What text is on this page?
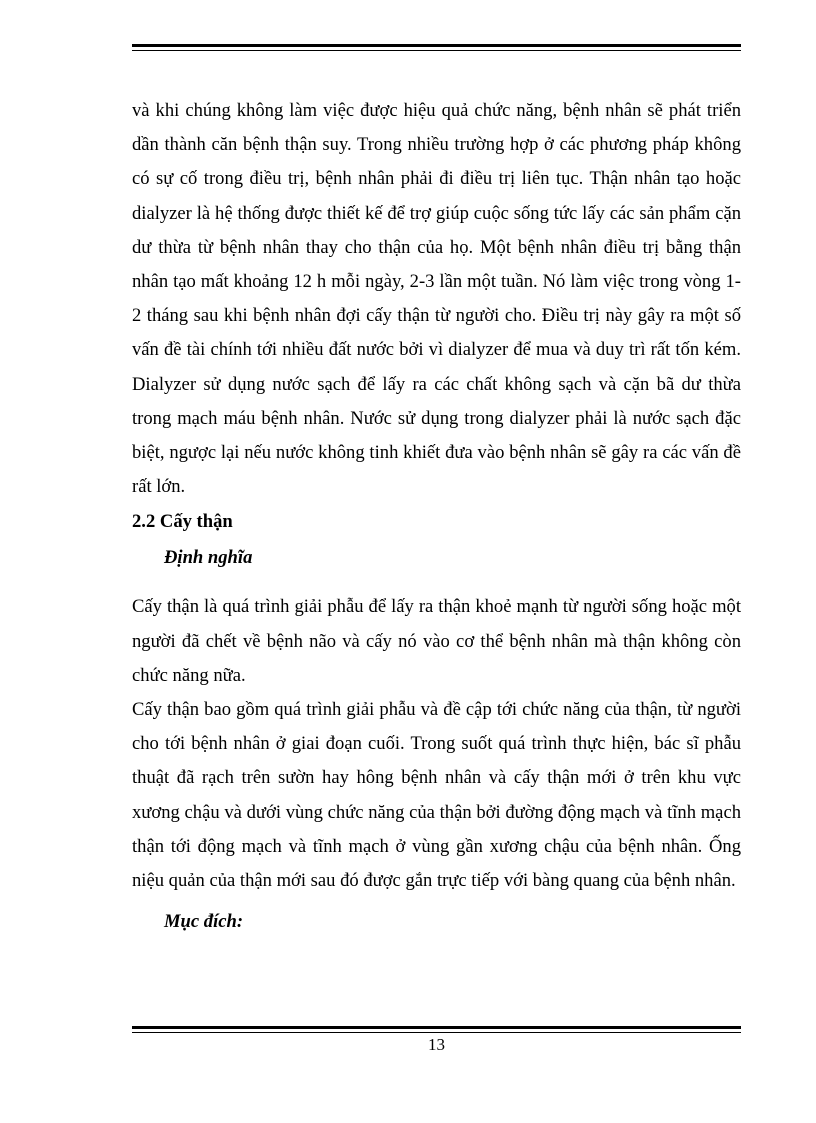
và khi chúng không làm việc được hiệu quả chức năng, bệnh nhân sẽ phát triển dần thành căn bệnh thận suy. Trong nhiều trường hợp ở các phương pháp không có sự cố trong điều trị, bệnh nhân phải đi điều trị liên tục. Thận nhân tạo hoặc dialyzer là hệ thống được thiết kế để trợ giúp cuộc sống tức lấy các sản phẩm cặn dư thừa từ bệnh nhân thay cho thận của họ. Một bệnh nhân điều trị bằng thận nhân tạo mất khoảng 12 h mỗi ngày, 2-3 lần một tuần. Nó làm việc trong vòng 1-2 tháng sau khi bệnh nhân đợi cấy thận từ người cho. Điều trị này gây ra một số vấn đề tài chính tới nhiều đất nước bởi vì dialyzer để mua và duy trì rất tốn kém. Dialyzer sử dụng nước sạch để lấy ra các chất không sạch và cặn bã dư thừa trong mạch máu bệnh nhân. Nước sử dụng trong dialyzer phải là nước sạch đặc biệt, ngược lại nếu nước không tinh khiết đưa vào bệnh nhân sẽ gây ra các vấn đề rất lớn.

2.2 Cấy thận

Định nghĩa

Cấy thận là quá trình giải phẫu để lấy ra thận khoẻ mạnh từ người sống hoặc một người đã chết về bệnh não và cấy nó vào cơ thể bệnh nhân mà thận không còn chức năng nữa.

Cấy thận bao gồm quá trình giải phẫu và đề cập tới chức năng của thận, từ người cho tới bệnh nhân ở giai đoạn cuối. Trong suốt quá trình thực hiện, bác sĩ phẫu thuật đã rạch trên sườn hay hông bệnh nhân và cấy thận mới ở trên khu vực xương chậu và dưới vùng chức năng của thận bởi đường động mạch và tĩnh mạch thận tới động mạch và tĩnh mạch ở vùng gần xương chậu của bệnh nhân. Ống niệu quản của thận mới sau đó được gắn trực tiếp với bàng quang của bệnh nhân.

Mục đích:

13
